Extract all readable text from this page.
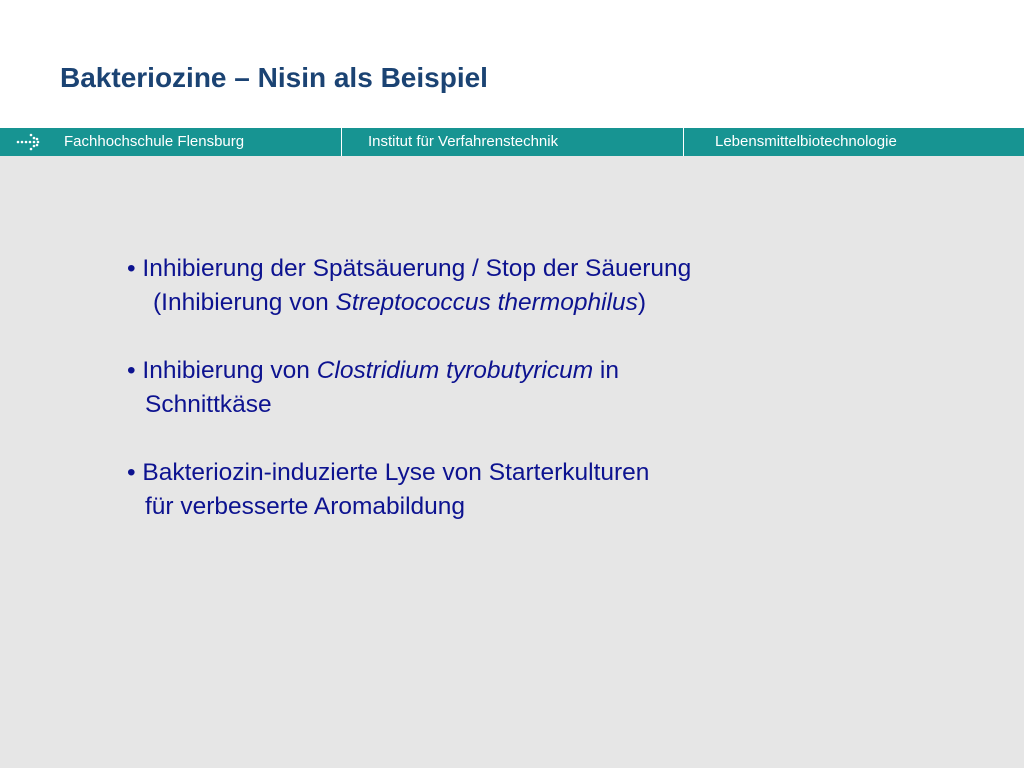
Bakteriozine – Nisin als Beispiel
Fachhochschule Flensburg	Institut für Verfahrenstechnik	Lebensmittelbiotechnologie
• Inhibierung der Spätsäuerung / Stop der Säuerung
(Inhibierung von Streptococcus thermophilus)
• Inhibierung von Clostridium tyrobutyricum in
Schnittkäse
• Bakteriozin-induzierte Lyse von Starterkulturen
für verbesserte Aromabildung
